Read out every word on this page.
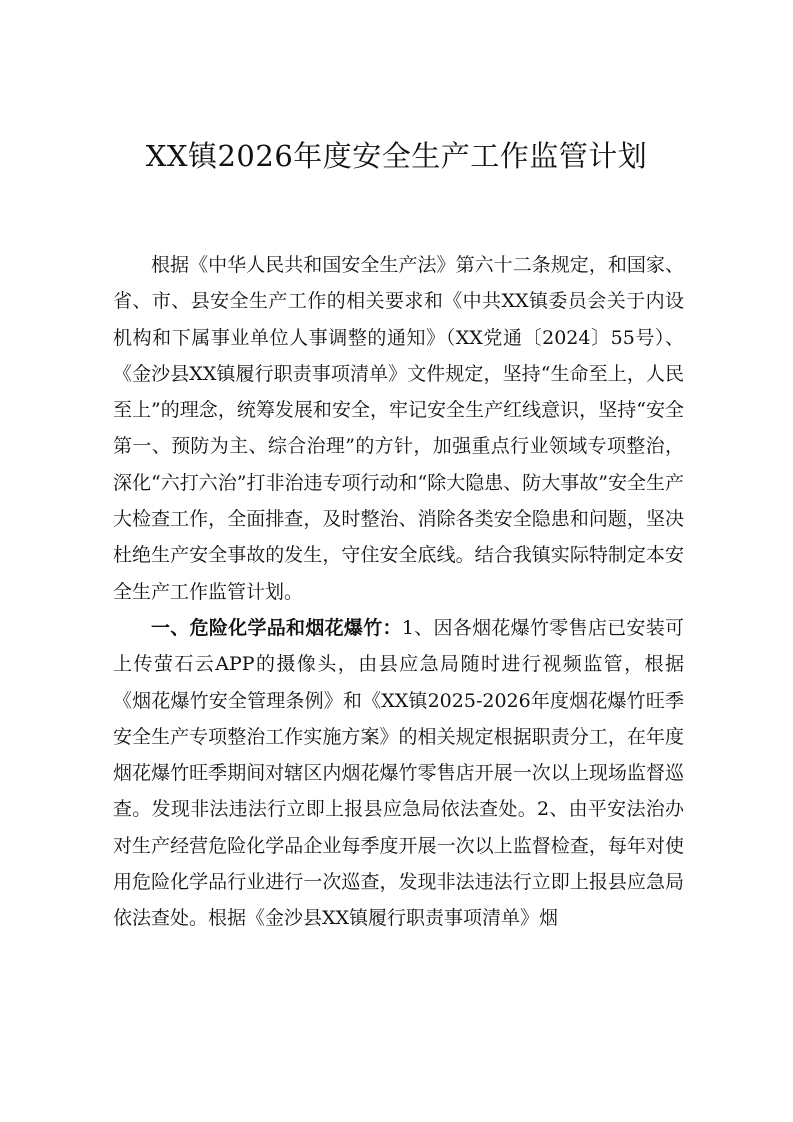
XX镇2026年度安全生产工作监管计划

根据《中华人民共和国安全生产法》第六十二条规定，和国家、省、市、县安全生产工作的相关要求和《中共XX镇委员会关于内设机构和下属事业单位人事调整的通知》（XX党通〔2024〕55号）、《金沙县XX镇履行职责事项清单》文件规定，坚持“生命至上，人民至上”的理念，统筹发展和安全，牢记安全生产红线意识，坚持“安全第一、预防为主、综合治理”的方针，加强重点行业领域专项整治，深化“六打六治”打非治违专项行动和“除大隐患、防大事故”安全生产大检查工作，全面排查，及时整治、消除各类安全隐患和问题，坚决杜绝生产安全事故的发生，守住安全底线。结合我镇实际特制定本安全生产工作监管计划。

一、危险化学品和烟花爆竹：1、因各烟花爆竹零售店已安装可上传萤石云APP的摄像头，由县应急局随时进行视频监管，根据《烟花爆竹安全管理条例》和《XX镇2025-2026年度烟花爆竹旺季安全生产专项整治工作实施方案》的相关规定根据职责分工，在年度烟花爆竹旺季期间对辖区内烟花爆竹零售店开展一次以上现场监督巡查。发现非法违法行立即上报县应急局依法查处。2、由平安法治办对生产经营危险化学品企业每季度开展一次以上监督检查，每年对使用危险化学品行业进行一次巡查，发现非法违法行立即上报县应急局依法查处。根据《金沙县XX镇履行职责事项清单》烟
